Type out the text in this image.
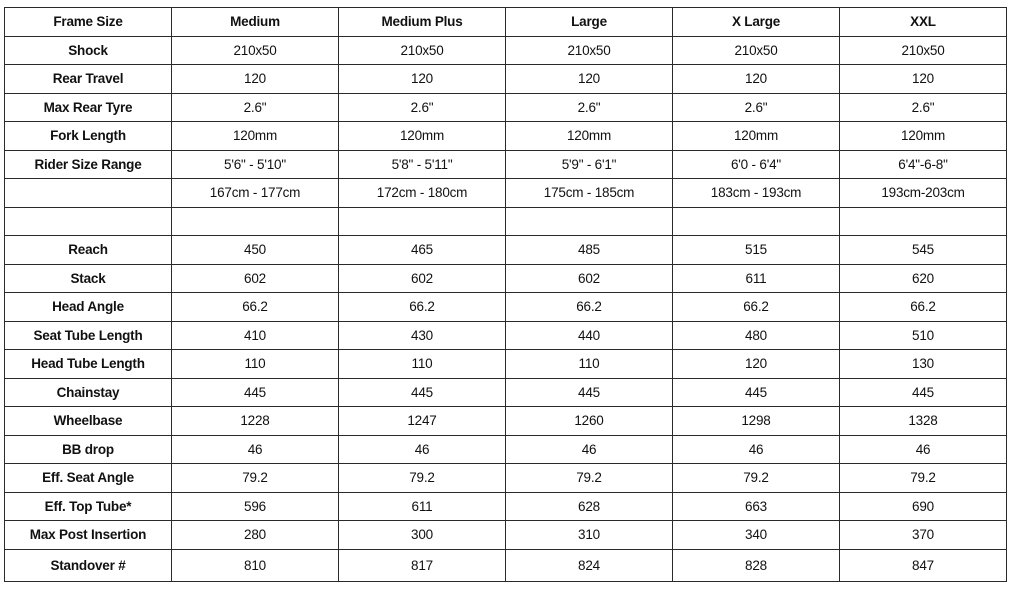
Frame Size	Medium	Medium Plus	Large	X Large	XXL
Shock	210x50	210x50	210x50	210x50	210x50
Rear Travel	120	120	120	120	120
Max Rear Tyre	2.6"	2.6"	2.6"	2.6"	2.6"
Fork Length	120mm	120mm	120mm	120mm	120mm
Rider Size Range	5'6" - 5'10"	5'8" - 5'11"	5'9" - 6'1"	6'0 - 6'4"	6'4"-6-8"
	167cm - 177cm	172cm - 180cm	175cm - 185cm	183cm - 193cm	193cm-203cm

Reach	450	465	485	515	545
Stack	602	602	602	611	620
Head Angle	66.2	66.2	66.2	66.2	66.2
Seat Tube Length	410	430	440	480	510
Head Tube Length	110	110	110	120	130
Chainstay	445	445	445	445	445
Wheelbase	1228	1247	1260	1298	1328
BB drop	46	46	46	46	46
Eff. Seat Angle	79.2	79.2	79.2	79.2	79.2
Eff. Top Tube*	596	611	628	663	690
Max Post Insertion	280	300	310	340	370
Standover #	810	817	824	828	847
